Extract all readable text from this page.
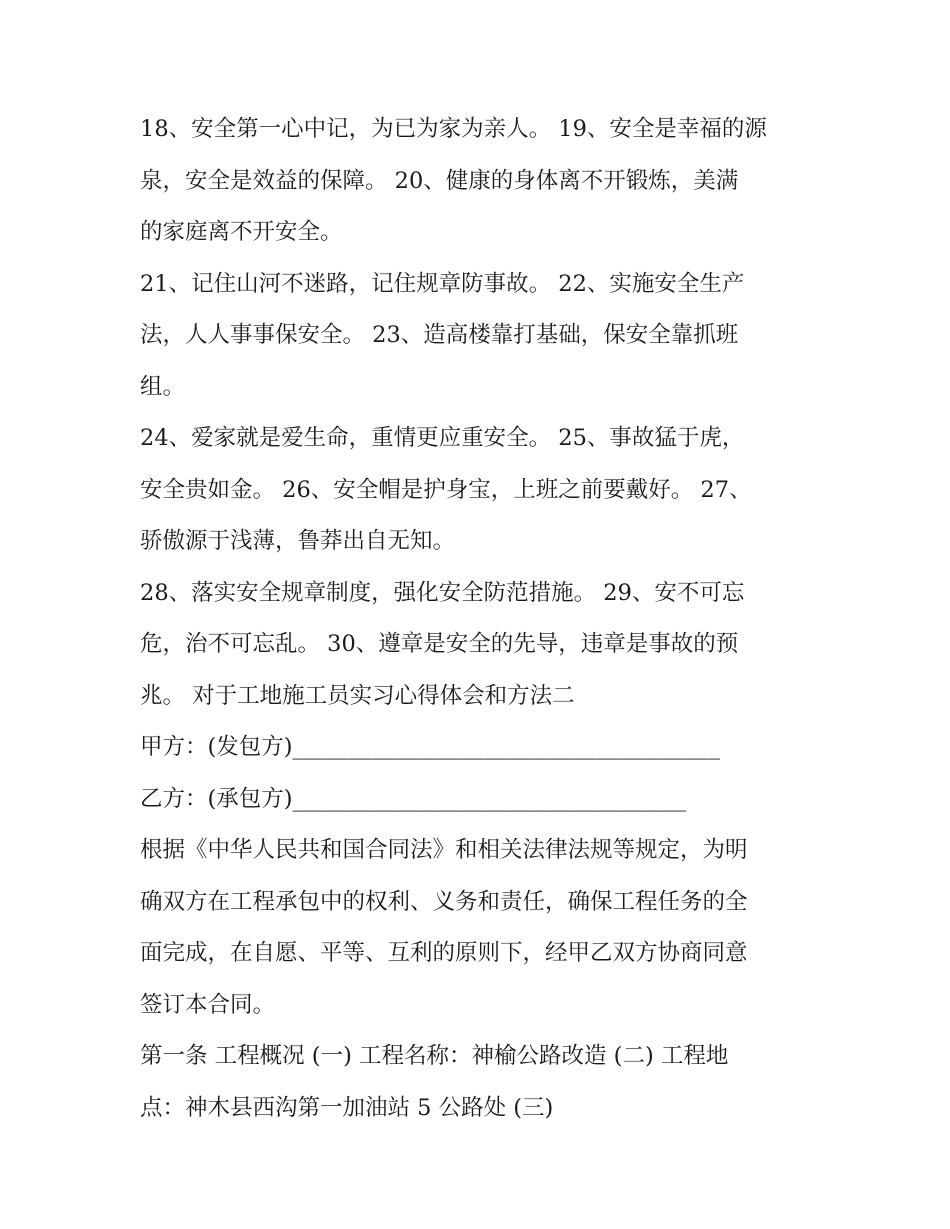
18、安全第一心中记，为已为家为亲人。 19、安全是幸福的源
泉，安全是效益的保障。 20、健康的身体离不开锻炼，美满
的家庭离不开安全。
21、记住山河不迷路，记住规章防事故。 22、实施安全生产
法，人人事事保安全。 23、造高楼靠打基础，保安全靠抓班
组。
24、爱家就是爱生命，重情更应重安全。 25、事故猛于虎，
安全贵如金。 26、安全帽是护身宝，上班之前要戴好。 27、
骄傲源于浅薄，鲁莽出自无知。
28、落实安全规章制度，强化安全防范措施。 29、安不可忘
危，治不可忘乱。 30、遵章是安全的先导，违章是事故的预
兆。 对于工地施工员实习心得体会和方法二
甲方：(发包方)______________________________________
乙方：(承包方)___________________________________
根据《中华人民共和国合同法》和相关法律法规等规定，为明
确双方在工程承包中的权利、义务和责任，确保工程任务的全
面完成，在自愿、平等、互利的原则下，经甲乙双方协商同意
签订本合同。
第一条 工程概况 (一) 工程名称：神榆公路改造 (二) 工程地
点：神木县西沟第一加油站 5 公路处 (三)
